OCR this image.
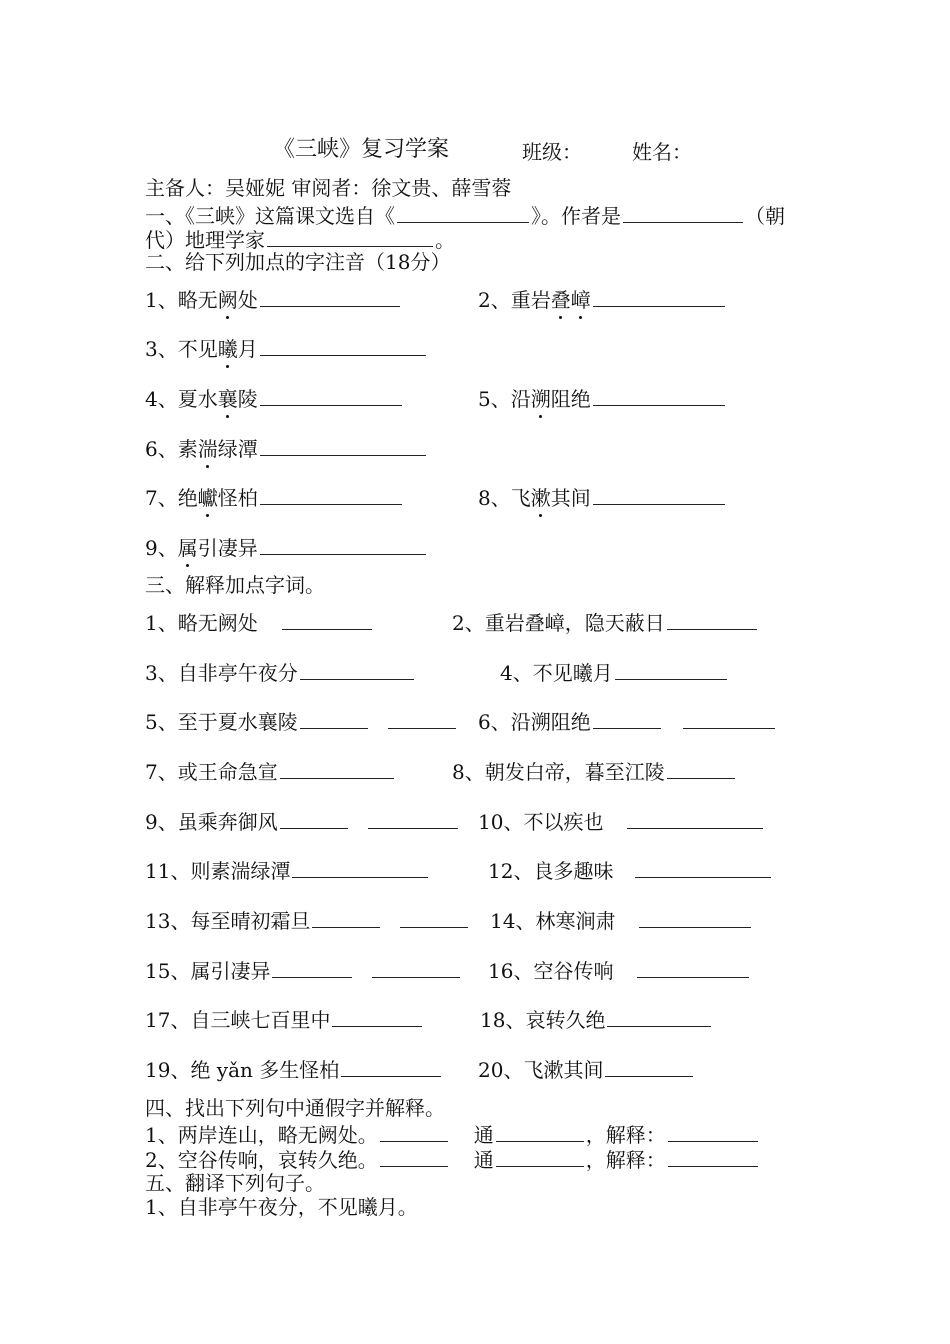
《三峡》复习学案	班级：	姓名：
主备人：吴娅妮 审阅者：徐文贵、薛雪蓉
一、《三峡》这篇课文选自《	》。作者是	（朝
代）地理学家	。
二、给下列加点的字注音（18分）
1、略无阙处	2、重岩叠嶂
3、不见曦月
4、夏水襄陵	5、沿溯阻绝
6、素湍绿潭
7、绝巘怪柏	8、飞漱其间
9、属引凄异
三、解释加点字词。
1、略无阙处	2、重岩叠嶂，隐天蔽日
3、自非亭午夜分	4、不见曦月
5、至于夏水襄陵	6、沿溯阻绝
7、或王命急宣	8、朝发白帝，暮至江陵
9、虽乘奔御风	10、不以疾也
11、则素湍绿潭	12、良多趣味
13、每至晴初霜旦	14、林寒涧肃
15、属引凄异	16、空谷传响
17、自三峡七百里中	18、哀转久绝
19、绝 yǎn 多生怪柏	20、飞漱其间
四、找出下列句中通假字并解释。
1、两岸连山，略无阙处。	通	，解释：
2、空谷传响，哀转久绝。	通	，解释：
五、翻译下列句子。
1、自非亭午夜分，不见曦月。
